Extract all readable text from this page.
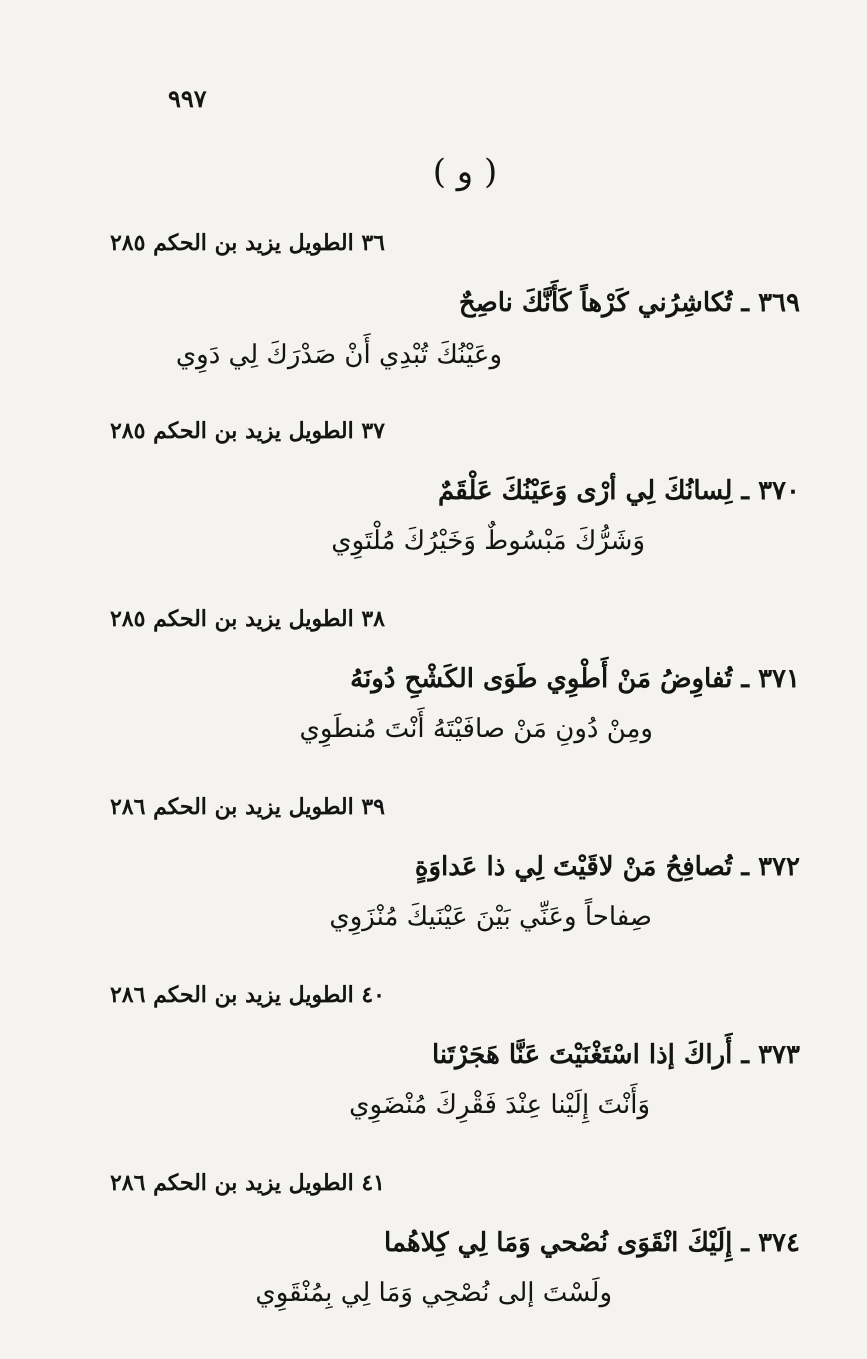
٩٩٧
( و )
٣٦ الطويل يزيد بن الحكم ٢٨٥
٣٦٩ ـ تُكاشِرُني كَرْهاً كَأَنَّكَ ناصِحٌ
وعَيْنُكَ تُبْدِي أَنْ صَدْرَكَ لِي دَوِي
٣٧ الطويل يزيد بن الحكم ٢٨٥
٣٧٠ ـ لِسانُكَ لِي أرْى وَعَيْنُكَ عَلْقَمٌ
وَشَرُّكَ مَبْسُوطٌ وَخَيْرُكَ مُلْتَوِي
٣٨ الطويل يزيد بن الحكم ٢٨٥
٣٧١ ـ تُفاوِضُ مَنْ أَطْوِي طَوَى الكَشْحِ دُونَهُ
ومِنْ دُونِ مَنْ صافَيْتَهُ أَنْتَ مُنطَوِي
٣٩ الطويل يزيد بن الحكم ٢٨٦
٣٧٢ ـ تُصافِحُ مَنْ لاقَيْتَ لِي ذا عَداوَةٍ
صِفاحاً وعَنِّي بَيْنَ عَيْنَيكَ مُنْزَوِي
٤٠ الطويل يزيد بن الحكم ٢٨٦
٣٧٣ ـ أَراكَ إذا اسْتَغْنَيْتَ عَنَّا هَجَرْتَنا
وَأَنْتَ إِلَيْنا عِنْدَ فَقْرِكَ مُنْضَوِي
٤١ الطويل يزيد بن الحكم ٢٨٦
٣٧٤ ـ إِلَيْكَ انْقَوَى نُصْحي وَمَا لِي كِلاهُما
ولَسْتَ إلى نُصْحِي وَمَا لِي بِمُنْقَوِي
